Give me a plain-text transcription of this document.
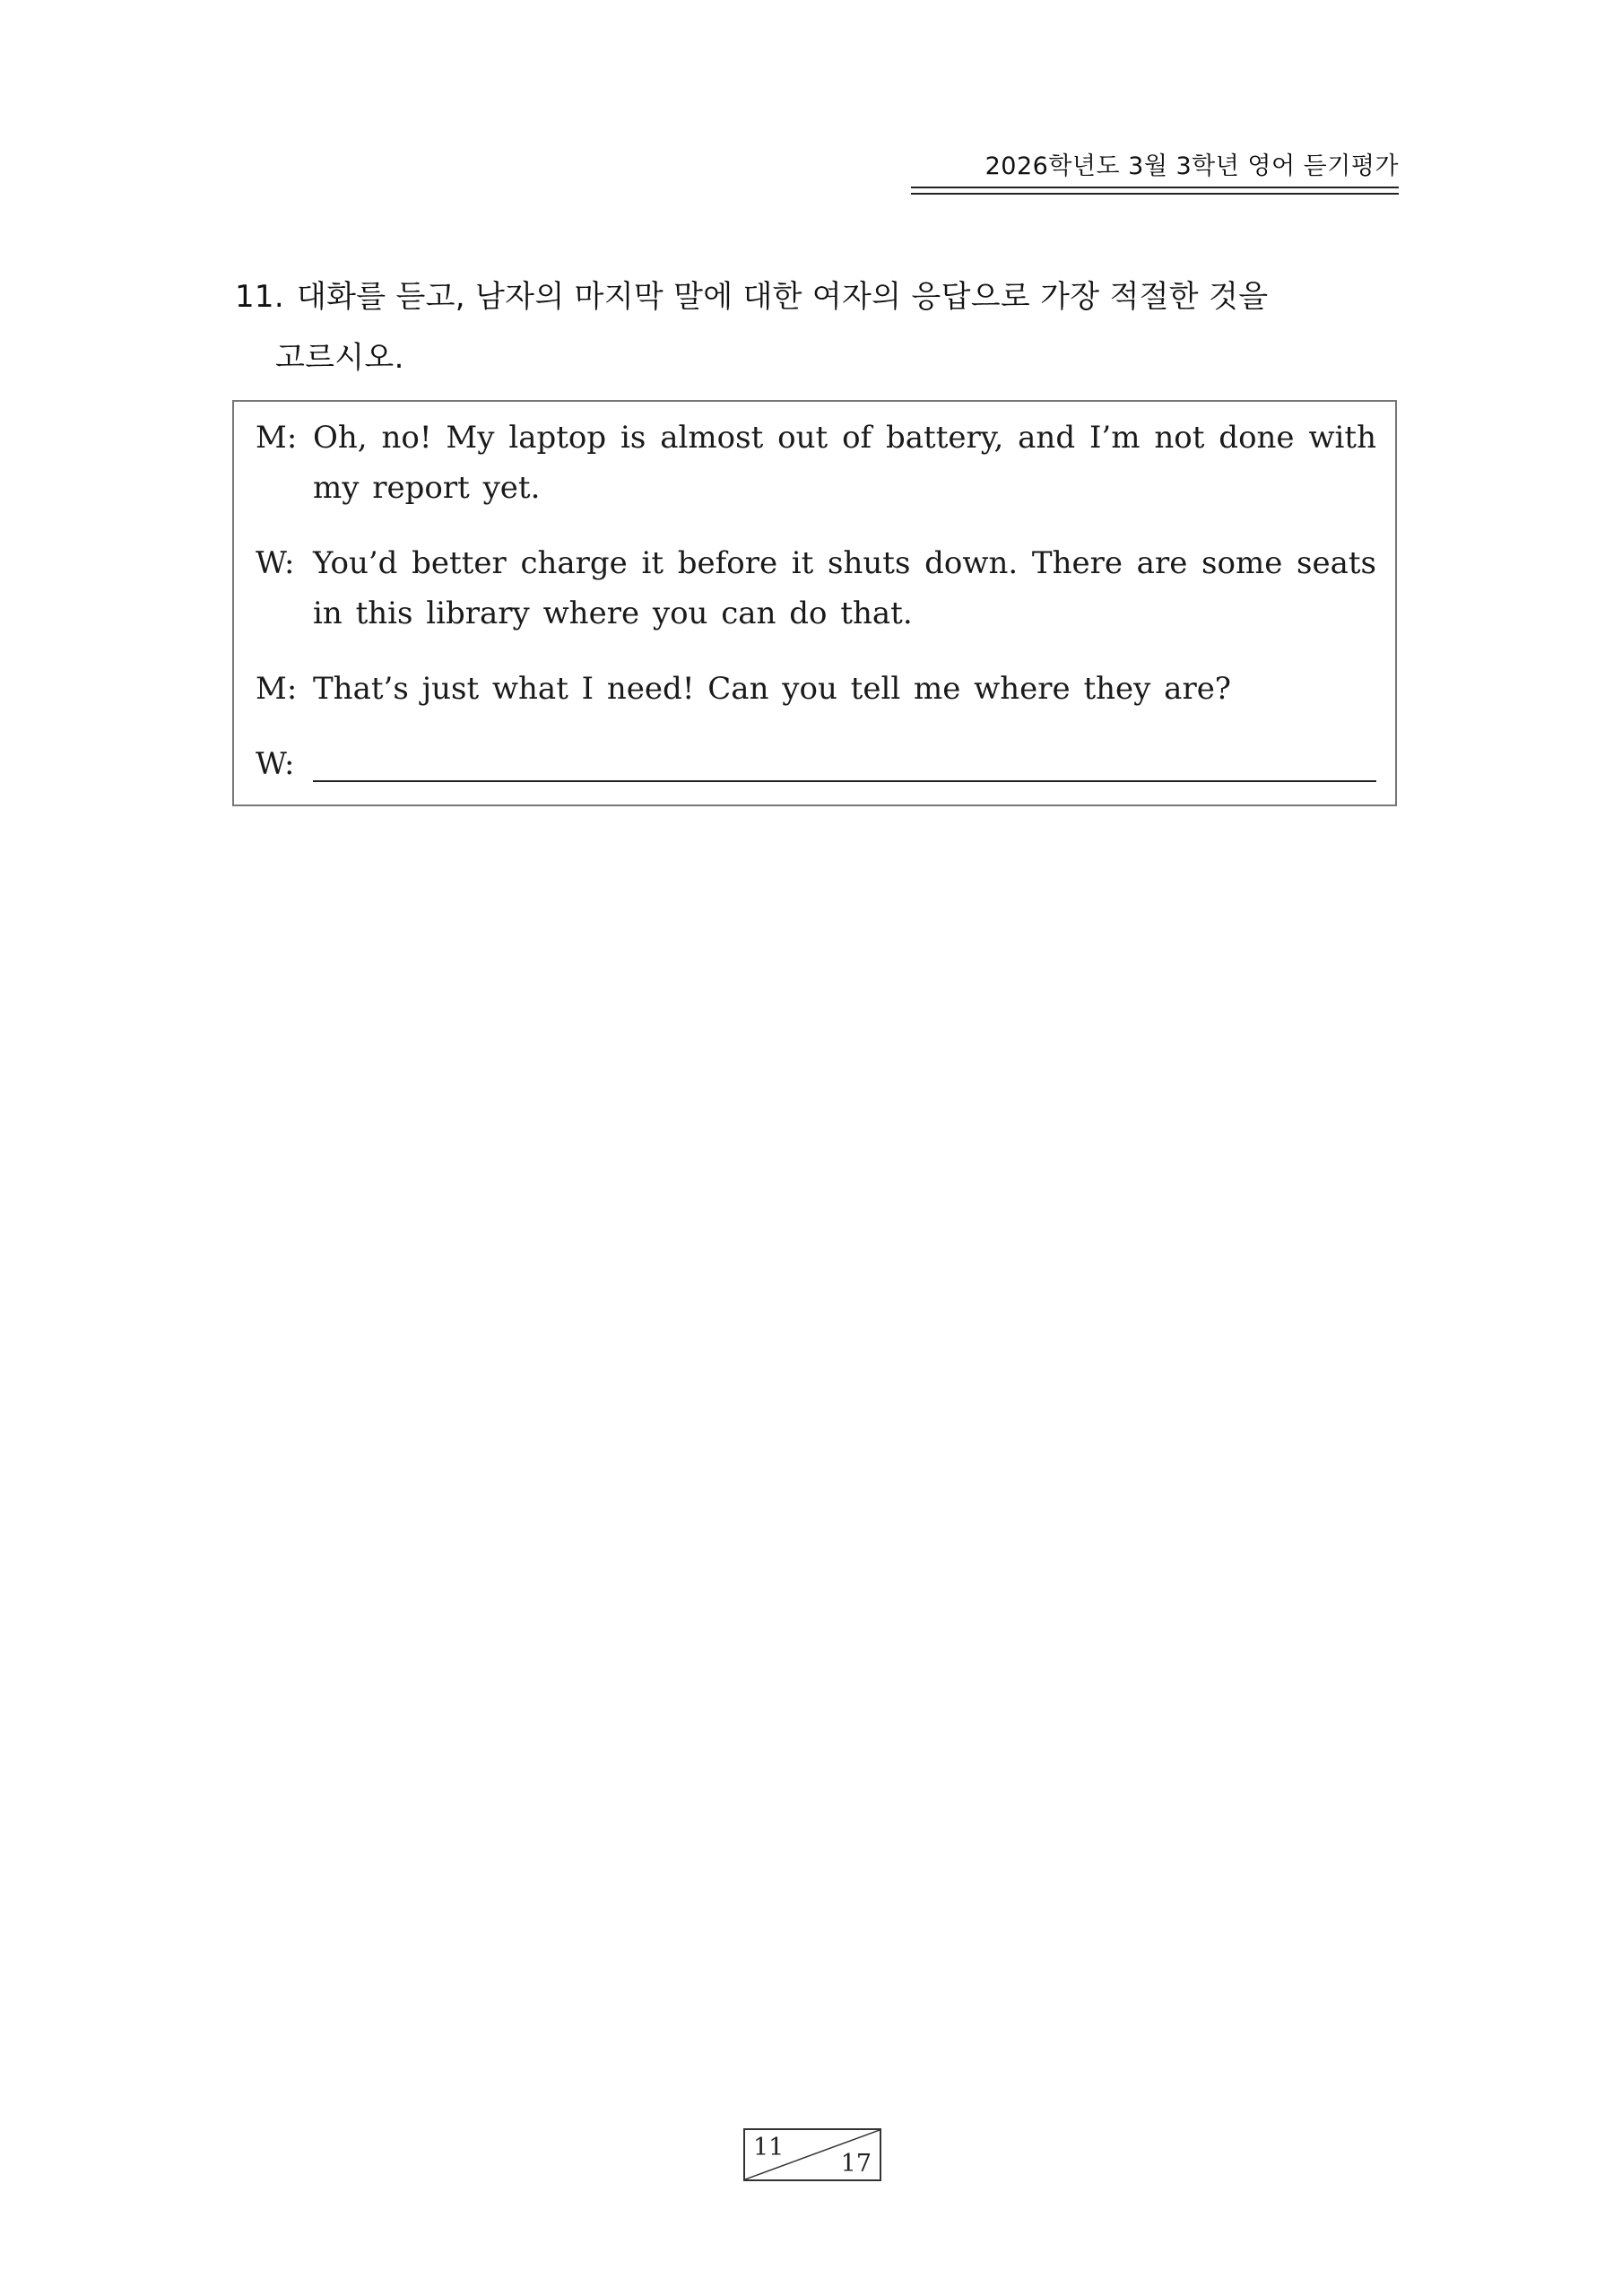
2026학년도 3월 3학년 영어 듣기평가
11. 대화를 듣고, 남자의 마지막 말에 대한 여자의 응답으로 가장 적절한 것을
고르시오.
M: Oh, no! My laptop is almost out of battery, and I’m not done with my report yet.
W: You’d better charge it before it shuts down. There are some seats in this library where you can do that.
M: That’s just what I need! Can you tell me where they are?
W:
11
17
